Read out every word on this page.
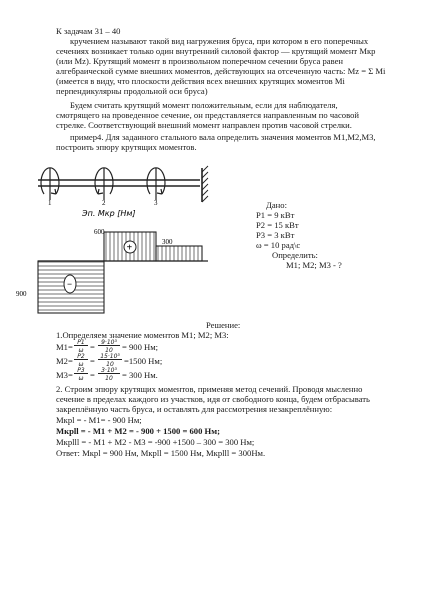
К задачам 31 – 40
кручением называют такой вид нагружения бруса, при котором в его поперечных
сечениях возникает только один внутренний силовой фактор — крутящий момент Mкр
(или Mz). Крутящий момент в произвольном поперечном сечении бруса равен
алгебраической сумме внешних моментов, действующих на отсеченную часть: Mz = Σ Mi
(имеется в виду, что плоскости действия всех внешних крутящих моментов Mi
перпендикулярны продольной оси бруса)
Будем считать крутящий момент положительным, если для наблюдателя,
смотрящего на проведенное сечение, он представляется направленным по часовой
стрелке. Соответствующий внешний момент направлен против часовой стрелки.
пример4. Для заданного стального вала определить значения моментов M1,M2,M3,
построить эпюру крутящих моментов.
1	2	3
Эп. Mкр [Нм]
+
−
600
300
900
Дано:
P1 = 9 кВт
P2 = 15 кВт
P3 = 3 кВт
ω = 10 рад\с
Определить:
M1; M2; M3 - ?
Решение:
1.Определяем значение моментов M1; M2; M3:
M1= P1
ω =	9·10³
10	= 900 Нм;
M2= P2
ω = 15·10³
10	=1500 Нм;
M3= P3
ω =	3·10³
10	= 300 Нм.
2. Строим эпюру крутящих моментов, применяя метод сечений. Проводя мысленно
сечение в пределах каждого из участков, идя от свободного конца, будем отбрасывать
закреплённую часть бруса, и оставлять для рассмотрения незакреплённую:
Mкрl = - M1= - 900 Нм;
Mкрll = - M1 + M2 = - 900 + 1500 = 600 Нм;
Mкрlll = - M1 + M2 - M3 = -900 +1500 – 300 = 300 Нм;
Ответ: Mкрl = 900 Нм, Mкрll = 1500 Нм, Mкрlll = 300Нм.
